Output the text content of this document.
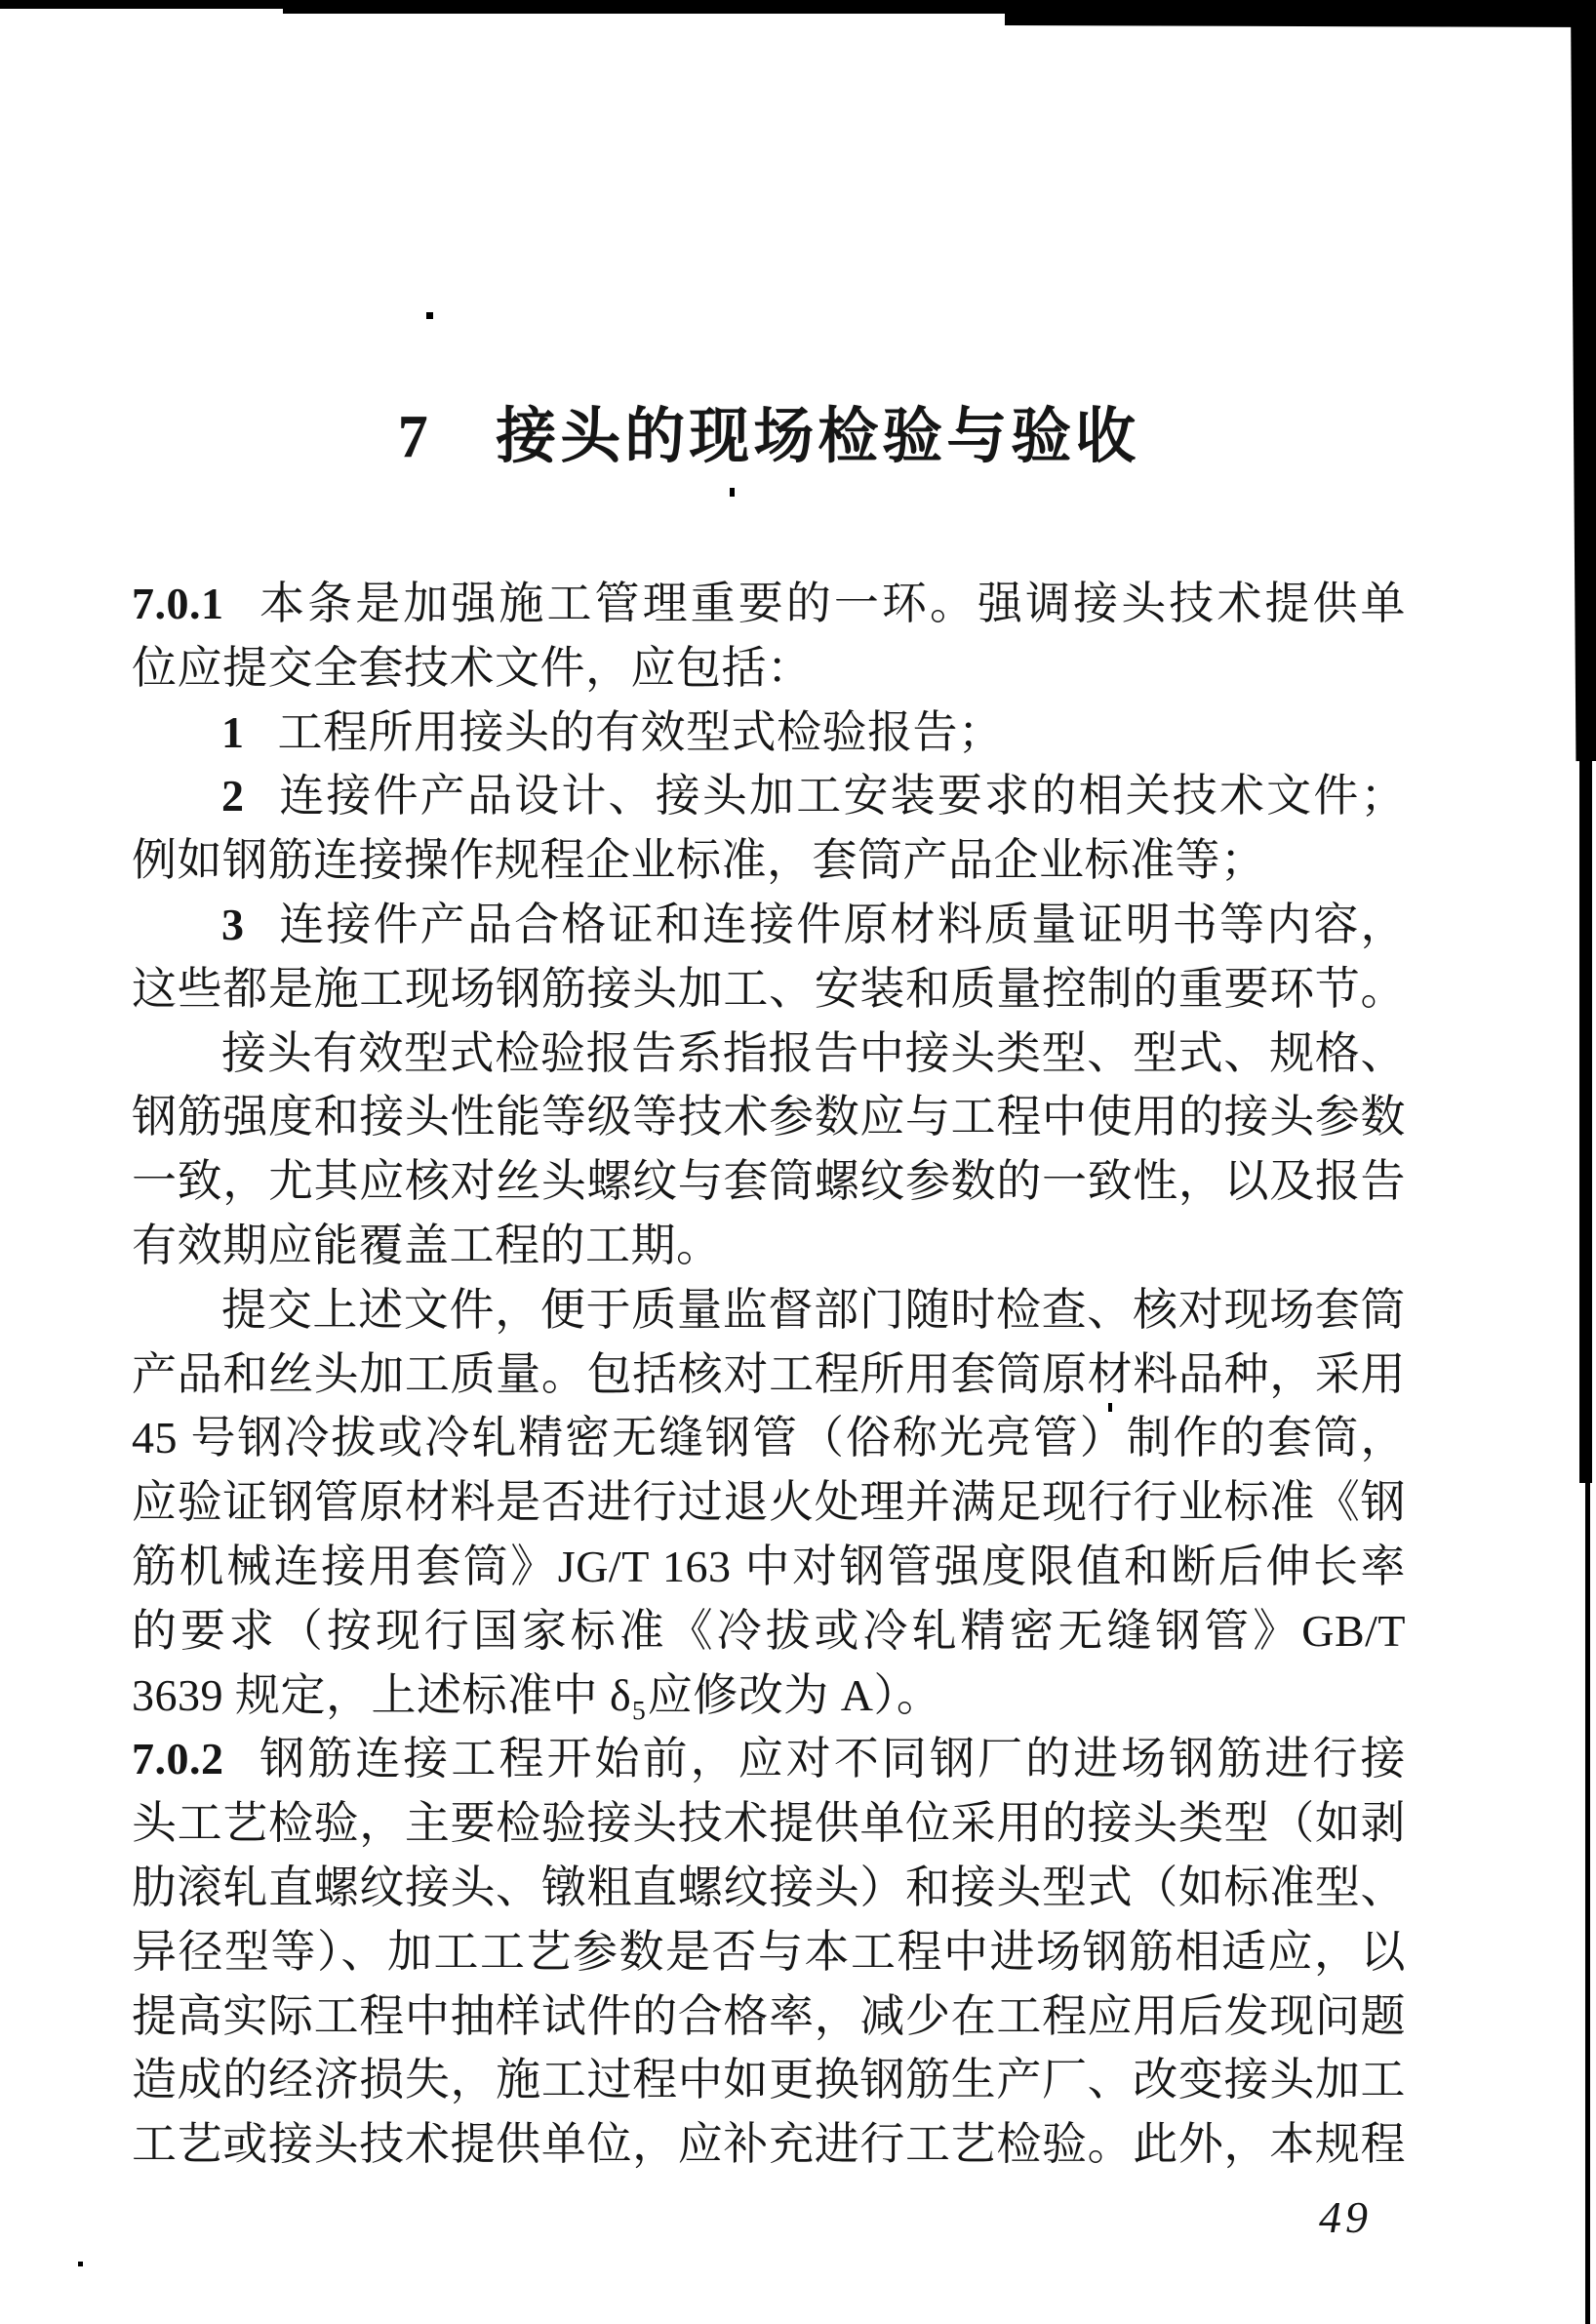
7 接头的现场检验与验收
7.0.1 本条是加强施工管理重要的一环。强调接头技术提供单
位应提交全套技术文件，应包括：
1 工程所用接头的有效型式检验报告；
2 连接件产品设计、接头加工安装要求的相关技术文件；
例如钢筋连接操作规程企业标准，套筒产品企业标准等；
3 连接件产品合格证和连接件原材料质量证明书等内容，
这些都是施工现场钢筋接头加工、安装和质量控制的重要环节。
接头有效型式检验报告系指报告中接头类型、型式、规格、
钢筋强度和接头性能等级等技术参数应与工程中使用的接头参数
一致，尤其应核对丝头螺纹与套筒螺纹参数的一致性，以及报告
有效期应能覆盖工程的工期。
提交上述文件，便于质量监督部门随时检查、核对现场套筒
产品和丝头加工质量。包括核对工程所用套筒原材料品种，采用
45 号钢冷拔或冷轧精密无缝钢管（俗称光亮管）制作的套筒，
应验证钢管原材料是否进行过退火处理并满足现行行业标准《钢
筋机械连接用套筒》JG/T 163 中对钢管强度限值和断后伸长率
的要求（按现行国家标准《冷拔或冷轧精密无缝钢管》GB/T
3639 规定，上述标准中 δ₅应修改为 A）。
7.0.2 钢筋连接工程开始前，应对不同钢厂的进场钢筋进行接
头工艺检验，主要检验接头技术提供单位采用的接头类型（如剥
肋滚轧直螺纹接头、镦粗直螺纹接头）和接头型式（如标准型、
异径型等）、加工工艺参数是否与本工程中进场钢筋相适应，以
提高实际工程中抽样试件的合格率，减少在工程应用后发现问题
造成的经济损失，施工过程中如更换钢筋生产厂、改变接头加工
工艺或接头技术提供单位，应补充进行工艺检验。此外，本规程
49
